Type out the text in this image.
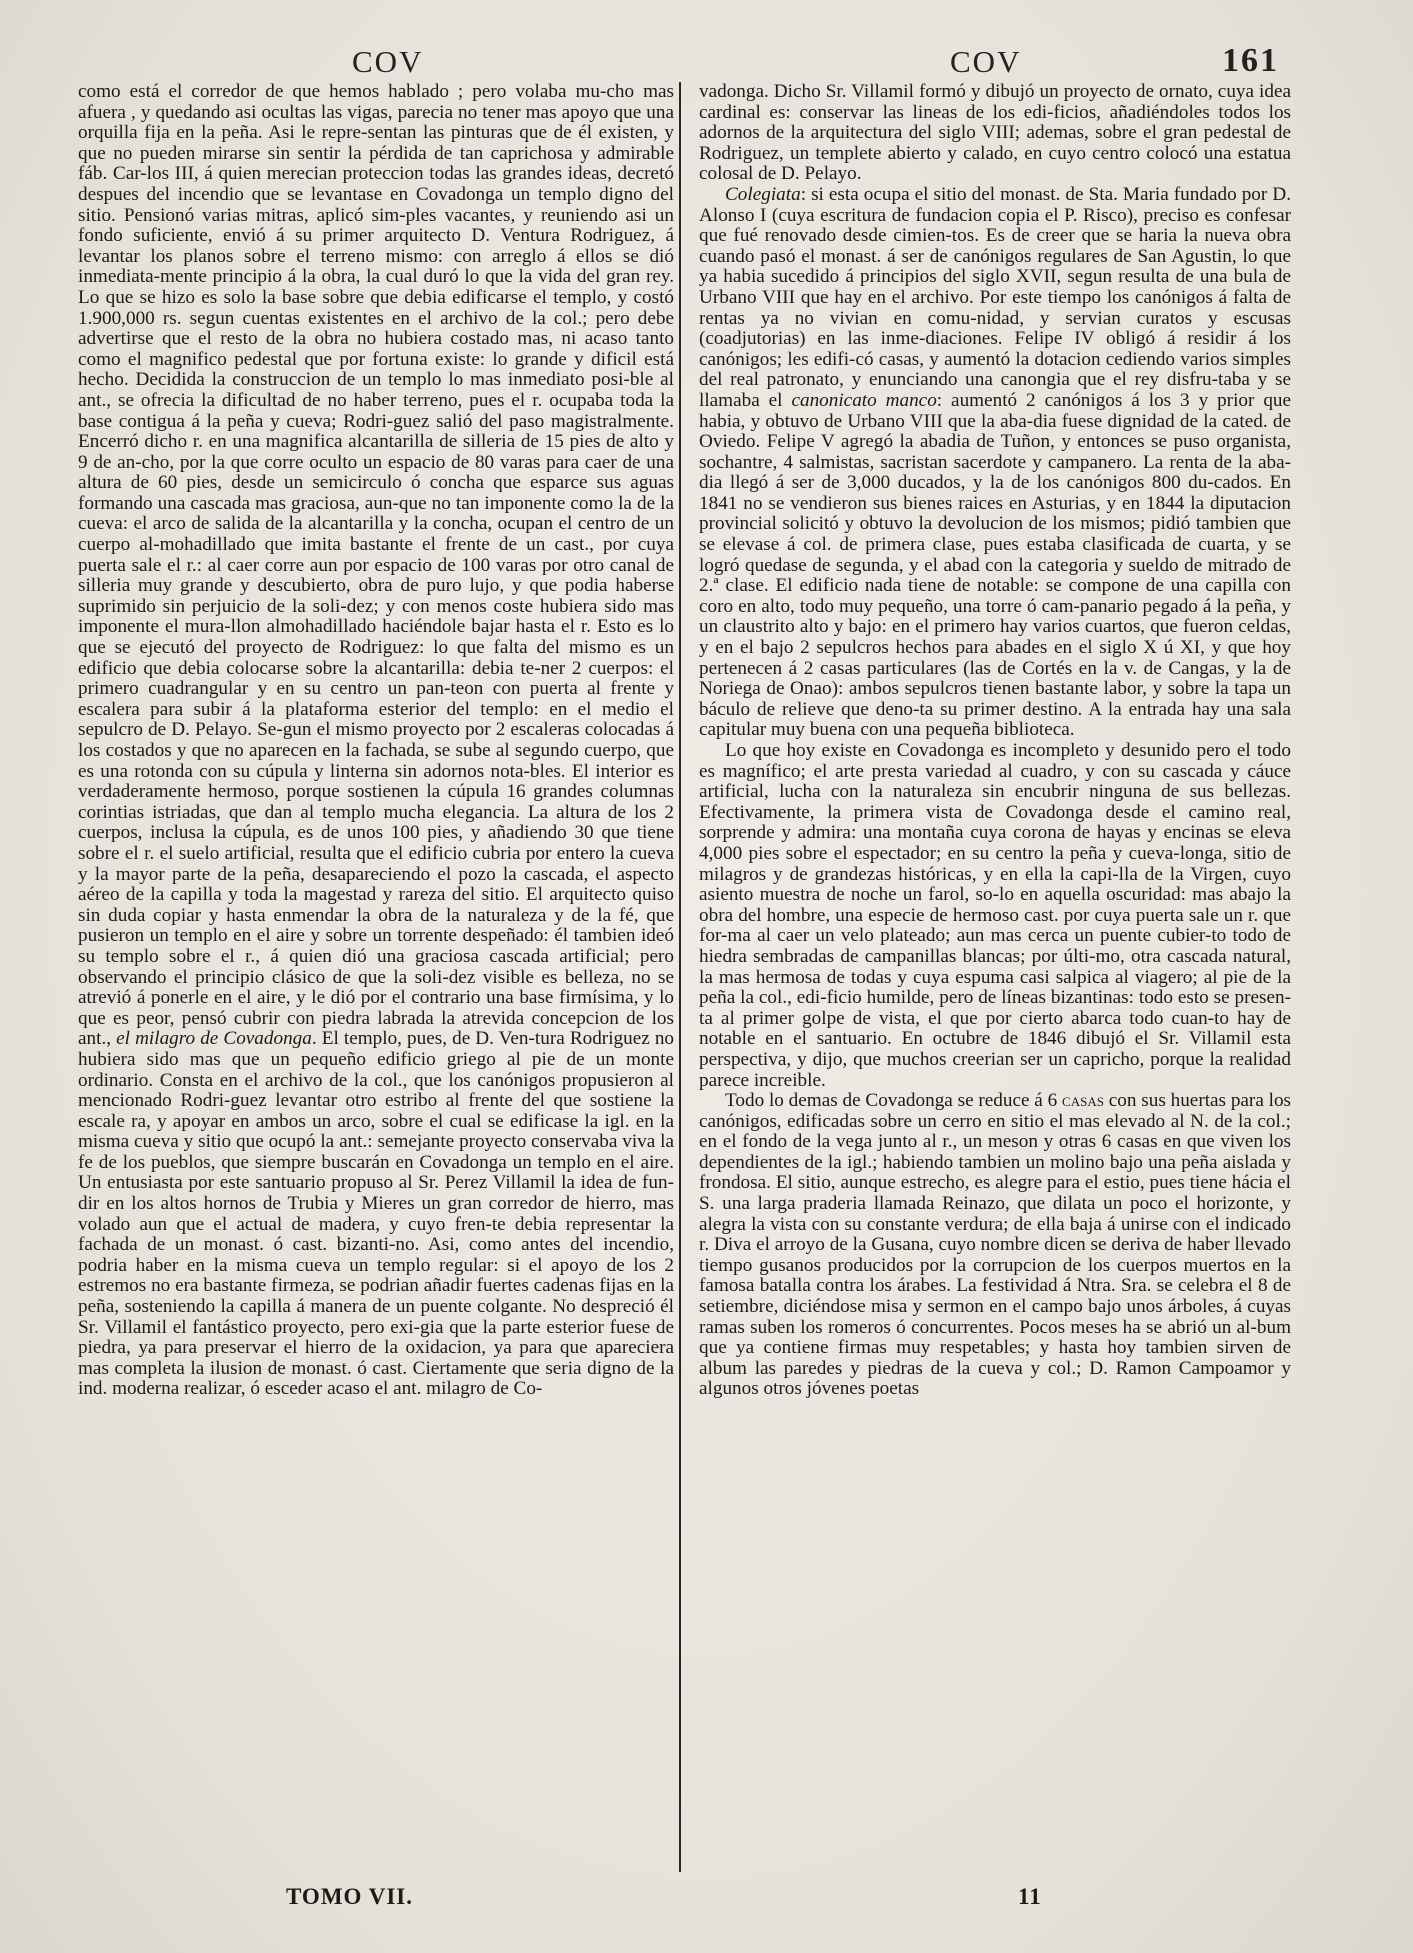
COV	COV	161

como está el corredor de que hemos hablado ; pero volaba mu-cho mas afuera , y quedando asi ocultas las vigas, parecia no tener mas apoyo que una orquilla fija en la peña. Asi le repre-sentan las pinturas que de él existen, y que no pueden mirarse sin sentir la pérdida de tan caprichosa y admirable fáb. Car-los III, á quien merecian proteccion todas las grandes ideas, decretó despues del incendio que se levantase en Covadonga un templo digno del sitio. Pensionó varias mitras, aplicó sim-ples vacantes, y reuniendo asi un fondo suficiente, envió á su primer arquitecto D. Ventura Rodriguez, á levantar los planos sobre el terreno mismo: con arreglo á ellos se dió inmediata-mente principio á la obra, la cual duró lo que la vida del gran rey. Lo que se hizo es solo la base sobre que debia edificarse el templo, y costó 1.900,000 rs. segun cuentas existentes en el archivo de la col.; pero debe advertirse que el resto de la obra no hubiera costado mas, ni acaso tanto como el magnifico pedestal que por fortuna existe: lo grande y dificil está hecho. Decidida la construccion de un templo lo mas inmediato posi-ble al ant., se ofrecia la dificultad de no haber terreno, pues el r. ocupaba toda la base contigua á la peña y cueva; Rodri-guez salió del paso magistralmente. Encerró dicho r. en una magnifica alcantarilla de silleria de 15 pies de alto y 9 de an-cho, por la que corre oculto un espacio de 80 varas para caer de una altura de 60 pies, desde un semicirculo ó concha que esparce sus aguas formando una cascada mas graciosa, aun-que no tan imponente como la de la cueva: el arco de salida de la alcantarilla y la concha, ocupan el centro de un cuerpo al-mohadillado que imita bastante el frente de un cast., por cuya puerta sale el r.: al caer corre aun por espacio de 100 varas por otro canal de silleria muy grande y descubierto, obra de puro lujo, y que podia haberse suprimido sin perjuicio de la soli-dez; y con menos coste hubiera sido mas imponente el mura-llon almohadillado haciéndole bajar hasta el r. Esto es lo que se ejecutó del proyecto de Rodriguez: lo que falta del mismo es un edificio que debia colocarse sobre la alcantarilla: debia te-ner 2 cuerpos: el primero cuadrangular y en su centro un pan-teon con puerta al frente y escalera para subir á la plataforma esterior del templo: en el medio el sepulcro de D. Pelayo. Se-gun el mismo proyecto por 2 escaleras colocadas á los costados y que no aparecen en la fachada, se sube al segundo cuerpo, que es una rotonda con su cúpula y linterna sin adornos nota-bles. El interior es verdaderamente hermoso, porque sostienen la cúpula 16 grandes columnas corintias istriadas, que dan al templo mucha elegancia. La altura de los 2 cuerpos, inclusa la cúpula, es de unos 100 pies, y añadiendo 30 que tiene sobre el r. el suelo artificial, resulta que el edificio cubria por entero la cueva y la mayor parte de la peña, desapareciendo el pozo la cascada, el aspecto aéreo de la capilla y toda la magestad y rareza del sitio. El arquitecto quiso sin duda copiar y hasta enmendar la obra de la naturaleza y de la fé, que pusieron un templo en el aire y sobre un torrente despeñado: él tambien ideó su templo sobre el r., á quien dió una graciosa cascada artificial; pero observando el principio clásico de que la soli-dez visible es belleza, no se atrevió á ponerle en el aire, y le dió por el contrario una base firmísima, y lo que es peor, pensó cubrir con piedra labrada la atrevida concepcion de los ant., el milagro de Covadonga. El templo, pues, de D. Ven-tura Rodriguez no hubiera sido mas que un pequeño edificio griego al pie de un monte ordinario. Consta en el archivo de la col., que los canónigos propusieron al mencionado Rodri-guez levantar otro estribo al frente del que sostiene la escale ra, y apoyar en ambos un arco, sobre el cual se edificase la igl. en la misma cueva y sitio que ocupó la ant.: semejante proyecto conservaba viva la fe de los pueblos, que siempre buscarán en Covadonga un templo en el aire. Un entusiasta por este santuario propuso al Sr. Perez Villamil la idea de fun-dir en los altos hornos de Trubia y Mieres un gran corredor de hierro, mas volado aun que el actual de madera, y cuyo fren-te debia representar la fachada de un monast. ó cast. bizanti-no. Asi, como antes del incendio, podria haber en la misma cueva un templo regular: si el apoyo de los 2 estremos no era bastante firmeza, se podrian añadir fuertes cadenas fijas en la peña, sosteniendo la capilla á manera de un puente colgante. No despreció él Sr. Villamil el fantástico proyecto, pero exi-gia que la parte esterior fuese de piedra, ya para preservar el hierro de la oxidacion, ya para que apareciera mas completa la ilusion de monast. ó cast. Ciertamente que seria digno de la ind. moderna realizar, ó esceder acaso el ant. milagro de Co-

vadonga. Dicho Sr. Villamil formó y dibujó un proyecto de ornato, cuya idea cardinal es: conservar las lineas de los edi-ficios, añadiéndoles todos los adornos de la arquitectura del siglo VIII; ademas, sobre el gran pedestal de Rodriguez, un templete abierto y calado, en cuyo centro colocó una estatua colosal de D. Pelayo.

Colegiata: si esta ocupa el sitio del monast. de Sta. Maria fundado por D. Alonso I (cuya escritura de fundacion copia el P. Risco), preciso es confesar que fué renovado desde cimien-tos. Es de creer que se haria la nueva obra cuando pasó el monast. á ser de canónigos regulares de San Agustin, lo que ya habia sucedido á principios del siglo XVII, segun resulta de una bula de Urbano VIII que hay en el archivo. Por este tiempo los canónigos á falta de rentas ya no vivian en comu-nidad, y servian curatos y escusas (coadjutorias) en las inme-diaciones. Felipe IV obligó á residir á los canónigos; les edifi-có casas, y aumentó la dotacion cediendo varios simples del real patronato, y enunciando una canongia que el rey disfru-taba y se llamaba el canonicato manco: aumentó 2 canónigos á los 3 y prior que habia, y obtuvo de Urbano VIII que la aba-dia fuese dignidad de la cated. de Oviedo. Felipe V agregó la abadia de Tuñon, y entonces se puso organista, sochantre, 4 salmistas, sacristan sacerdote y campanero. La renta de la aba-dia llegó á ser de 3,000 ducados, y la de los canónigos 800 du-cados. En 1841 no se vendieron sus bienes raices en Asturias, y en 1844 la diputacion provincial solicitó y obtuvo la devolucion de los mismos; pidió tambien que se elevase á col. de primera clase, pues estaba clasificada de cuarta, y se logró quedase de segunda, y el abad con la categoria y sueldo de mitrado de 2.ª clase. El edificio nada tiene de notable: se compone de una capilla con coro en alto, todo muy pequeño, una torre ó cam-panario pegado á la peña, y un claustrito alto y bajo: en el primero hay varios cuartos, que fueron celdas, y en el bajo 2 sepulcros hechos para abades en el siglo X ú XI, y que hoy pertenecen á 2 casas particulares (las de Cortés en la v. de Cangas, y la de Noriega de Onao): ambos sepulcros tienen bastante labor, y sobre la tapa un báculo de relieve que deno-ta su primer destino. A la entrada hay una sala capitular muy buena con una pequeña biblioteca.

Lo que hoy existe en Covadonga es incompleto y desunido pero el todo es magnífico; el arte presta variedad al cuadro, y con su cascada y cáuce artificial, lucha con la naturaleza sin encubrir ninguna de sus bellezas. Efectivamente, la primera vista de Covadonga desde el camino real, sorprende y admira: una montaña cuya corona de hayas y encinas se eleva 4,000 pies sobre el espectador; en su centro la peña y cueva-longa, sitio de milagros y de grandezas históricas, y en ella la capi-lla de la Virgen, cuyo asiento muestra de noche un farol, so-lo en aquella oscuridad: mas abajo la obra del hombre, una especie de hermoso cast. por cuya puerta sale un r. que for-ma al caer un velo plateado; aun mas cerca un puente cubier-to todo de hiedra sembradas de campanillas blancas; por últi-mo, otra cascada natural, la mas hermosa de todas y cuya espuma casi salpica al viagero; al pie de la peña la col., edi-ficio humilde, pero de líneas bizantinas: todo esto se presen-ta al primer golpe de vista, el que por cierto abarca todo cuan-to hay de notable en el santuario. En octubre de 1846 dibujó el Sr. Villamil esta perspectiva, y dijo, que muchos creerian ser un capricho, porque la realidad parece increible.

Todo lo demas de Covadonga se reduce á 6 casas con sus huertas para los canónigos, edificadas sobre un cerro en sitio el mas elevado al N. de la col.; en el fondo de la vega junto al r., un meson y otras 6 casas en que viven los dependientes de la igl.; habiendo tambien un molino bajo una peña aislada y frondosa. El sitio, aunque estrecho, es alegre para el estio, pues tiene hácia el S. una larga praderia llamada Reinazo, que dilata un poco el horizonte, y alegra la vista con su constante verdura; de ella baja á unirse con el indicado r. Diva el arroyo de la Gusana, cuyo nombre dicen se deriva de haber llevado tiempo gusanos producidos por la corrupcion de los cuerpos muertos en la famosa batalla contra los árabes. La festividad á Ntra. Sra. se celebra el 8 de setiembre, diciéndose misa y sermon en el campo bajo unos árboles, á cuyas ramas suben los romeros ó concurrentes. Pocos meses ha se abrió un al-bum que ya contiene firmas muy respetables; y hasta hoy tambien sirven de album las paredes y piedras de la cueva y col.; D. Ramon Campoamor y algunos otros jóvenes poetas

TOMO VII.	11
